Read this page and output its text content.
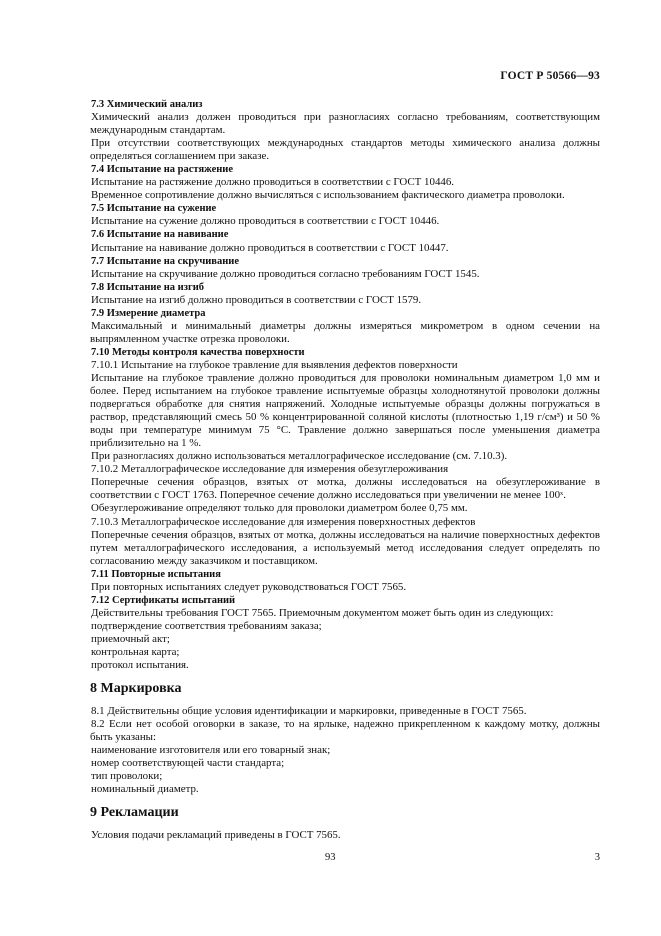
ГОСТ Р 50566—93

7.3 Химический анализ

Химический анализ должен проводиться при разногласиях согласно требованиям, соответствующим международным стандартам.

При отсутствии соответствующих международных стандартов методы химического анализа должны определяться соглашением при заказе.

7.4 Испытание на растяжение

Испытание на растяжение должно проводиться в соответствии с ГОСТ 10446.

Временное сопротивление должно вычисляться с использованием фактического диаметра проволоки.

7.5 Испытание на сужение

Испытание на сужение должно проводиться в соответствии с ГОСТ 10446.

7.6 Испытание на навивание

Испытание на навивание должно проводиться в соответствии с ГОСТ 10447.

7.7 Испытание на скручивание

Испытание на скручивание должно проводиться согласно требованиям ГОСТ 1545.

7.8 Испытание на изгиб

Испытание на изгиб должно проводиться в соответствии с ГОСТ 1579.

7.9 Измерение диаметра

Максимальный и минимальный диаметры должны измеряться микрометром в одном сечении на выпрямленном участке отрезка проволоки.

7.10 Методы контроля качества поверхности

7.10.1 Испытание на глубокое травление для выявления дефектов поверхности

Испытание на глубокое травление должно проводиться для проволоки номинальным диаметром 1,0 мм и более. Перед испытанием на глубокое травление испытуемые образцы холоднотянутой проволоки должны подвергаться обработке для снятия напряжений. Холодные испытуемые образцы должны погружаться в раствор, представляющий смесь 50 % концентрированной соляной кислоты (плотностью 1,19 г/см³) и 50 % воды при температуре минимум 75 °С. Травление должно завершаться после уменьшения диаметра приблизительно на 1 %.

При разногласиях должно использоваться металлографическое исследование (см. 7.10.3).

7.10.2 Металлографическое исследование для измерения обезуглероживания

Поперечные сечения образцов, взятых от мотка, должны исследоваться на обезуглероживание в соответствии с ГОСТ 1763. Поперечное сечение должно исследоваться при увеличении не менее 100ˣ.

Обезуглероживание определяют только для проволоки диаметром более 0,75 мм.

7.10.3 Металлографическое исследование для измерения поверхностных дефектов

Поперечные сечения образцов, взятых от мотка, должны исследоваться на наличие поверхностных дефектов путем металлографического исследования, а используемый метод исследования следует определять по согласованию между заказчиком и поставщиком.

7.11 Повторные испытания

При повторных испытаниях следует руководствоваться ГОСТ 7565.

7.12 Сертификаты испытаний

Действительны требования ГОСТ 7565. Приемочным документом может быть один из следующих:

подтверждение соответствия требованиям заказа;

приемочный акт;

контрольная карта;

протокол испытания.

8 Маркировка

8.1 Действительны общие условия идентификации и маркировки, приведенные в ГОСТ 7565.

8.2 Если нет особой оговорки в заказе, то на ярлыке, надежно прикрепленном к каждому мотку, должны быть указаны:

наименование изготовителя или его товарный знак;

номер соответствующей части стандарта;

тип проволоки;

номинальный диаметр.

9 Рекламации

Условия подачи рекламаций приведены в ГОСТ 7565.

93	3
